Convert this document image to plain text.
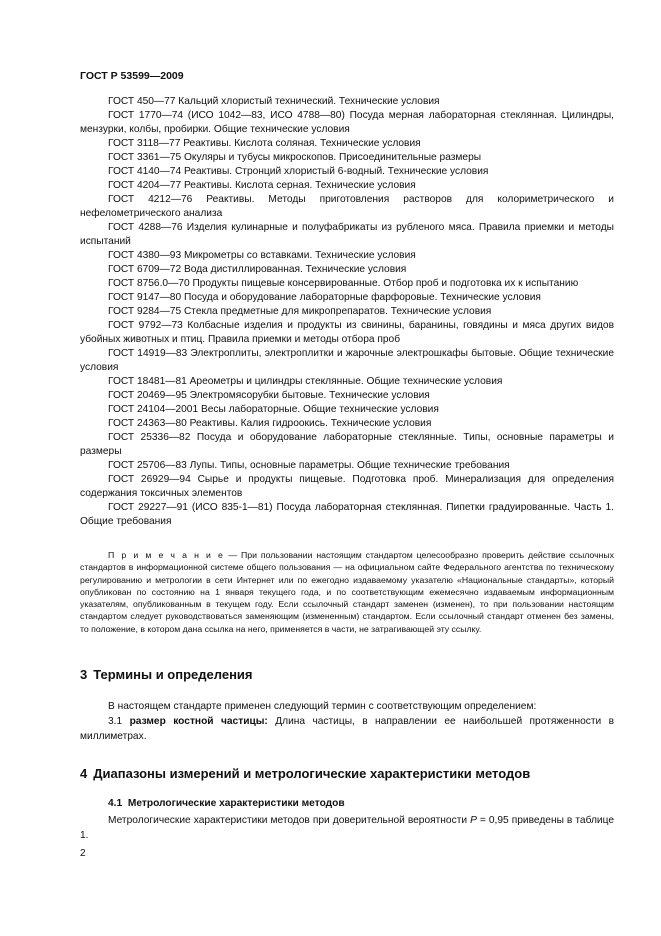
ГОСТ Р 53599—2009

ГОСТ 450—77 Кальций хлористый технический. Технические условия

ГОСТ 1770—74 (ИСО 1042—83, ИСО 4788—80) Посуда мерная лабораторная стеклянная. Цилиндры, мензурки, колбы, пробирки. Общие технические условия

ГОСТ 3118—77 Реактивы. Кислота соляная. Технические условия

ГОСТ 3361—75 Окуляры и тубусы микроскопов. Присоединительные размеры

ГОСТ 4140—74 Реактивы. Стронций хлористый 6-водный. Технические условия

ГОСТ 4204—77 Реактивы. Кислота серная. Технические условия

ГОСТ 4212—76 Реактивы. Методы приготовления растворов для колориметрического и нефелометрического анализа

ГОСТ 4288—76 Изделия кулинарные и полуфабрикаты из рубленого мяса. Правила приемки и методы испытаний

ГОСТ 4380—93 Микрометры со вставками. Технические условия

ГОСТ 6709—72 Вода дистиллированная. Технические условия

ГОСТ 8756.0—70 Продукты пищевые консервированные. Отбор проб и подготовка их к испытанию

ГОСТ 9147—80 Посуда и оборудование лабораторные фарфоровые. Технические условия

ГОСТ 9284—75 Стекла предметные для микропрепаратов. Технические условия

ГОСТ 9792—73 Колбасные изделия и продукты из свинины, баранины, говядины и мяса других видов убойных животных и птиц. Правила приемки и методы отбора проб

ГОСТ 14919—83 Электроплиты, электроплитки и жарочные электрошкафы бытовые. Общие технические условия

ГОСТ 18481—81 Ареометры и цилиндры стеклянные. Общие технические условия

ГОСТ 20469—95 Электромясорубки бытовые. Технические условия

ГОСТ 24104—2001 Весы лабораторные. Общие технические условия

ГОСТ 24363—80 Реактивы. Калия гидроокись. Технические условия

ГОСТ 25336—82 Посуда и оборудование лабораторные стеклянные. Типы, основные параметры и размеры

ГОСТ 25706—83 Лупы. Типы, основные параметры. Общие технические требования

ГОСТ 26929—94 Сырье и продукты пищевые. Подготовка проб. Минерализация для определения содержания токсичных элементов

ГОСТ 29227—91 (ИСО 835-1—81) Посуда лабораторная стеклянная. Пипетки градуированные. Часть 1. Общие требования

П р и м е ч а н и е — При пользовании настоящим стандартом целесообразно проверить действие ссылочных стандартов в информационной системе общего пользования — на официальном сайте Федерального агентства по техническому регулированию и метрологии в сети Интернет или по ежегодно издаваемому указателю «Национальные стандарты», который опубликован по состоянию на 1 января текущего года, и по соответствующим ежемесячно издаваемым информационным указателям, опубликованным в текущем году. Если ссылочный стандарт заменен (изменен), то при пользовании настоящим стандартом следует руководствоваться заменяющим (измененным) стандартом. Если ссылочный стандарт отменен без замены, то положение, в котором дана ссылка на него, применяется в части, не затрагивающей эту ссылку.

3 Термины и определения

В настоящем стандарте применен следующий термин с соответствующим определением:

3.1 размер костной частицы: Длина частицы, в направлении ее наибольшей протяженности в миллиметрах.

4 Диапазоны измерений и метрологические характеристики методов

4.1 Метрологические характеристики методов

Метрологические характеристики методов при доверительной вероятности P = 0,95 приведены в таблице 1.

2
